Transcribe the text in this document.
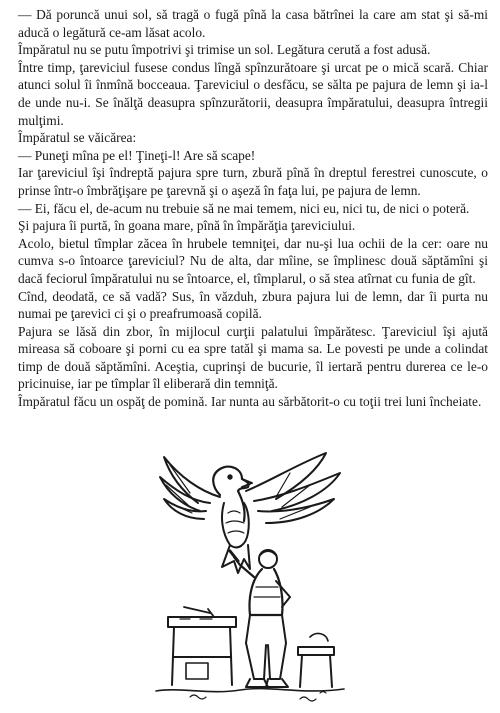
— Dă poruncă unui sol, să tragă o fugă pînă la casa bătrînei la care am stat şi să-mi aducă o legătură ce-am lăsat acolo.

Împăratul nu se putu împotrivi şi trimise un sol. Legătura cerută a fost adusă.

Între timp, ţareviciul fusese condus lîngă spînzurătoare şi urcat pe o mică scară. Chiar atunci solul îi înmînă bocceaua. Ţareviciul o desfăcu, se sălta pe pajura de lemn şi ia-l de unde nu-i. Se înălţă deasupra spînzurătorii, deasupra împăratului, deasupra întregii mulţimi.

Împăratul se văicărea:

— Puneţi mîna pe el! Ţineţi-l! Are să scape!

Iar ţareviciul îşi îndreptă pajura spre turn, zbură pînă în dreptul ferestrei cunoscute, o prinse într-o îmbrăţişare pe ţarevnă şi o aşeză în faţa lui, pe pajura de lemn.

— Ei, făcu el, de-acum nu trebuie să ne mai temem, nici eu, nici tu, de nici o poteră.

Şi pajura îi purtă, în goana mare, pînă în împărăţia ţareviciului.

Acolo, bietul tîmplar zăcea în hrubele temniţei, dar nu-şi lua ochii de la cer: oare nu cumva s-o întoarce ţareviciul? Nu de alta, dar mîine, se împlinesc două săptămîni şi dacă feciorul împăratului nu se întoarce, el, tîmplarul, o să stea atîrnat cu funia de gît.

Cînd, deodată, ce să vadă? Sus, în văzduh, zbura pajura lui de lemn, dar îi purta nu numai pe ţarevici ci şi o preafrumoasă copilă.

Pajura se lăsă din zbor, în mijlocul curţii palatului împărătesc. Ţareviciul îşi ajută mireasa să coboare şi porni cu ea spre tatăl şi mama sa. Le povesti pe unde a colindat timp de două săptămîni. Aceştia, cuprinşi de bucurie, îl iertară pentru durerea ce le-o pricinuise, iar pe tîmplar îl eliberară din temniţă.

Împăratul făcu un ospăţ de pomină. Iar nunta au sărbătorit-o cu toţii trei luni încheiate.
